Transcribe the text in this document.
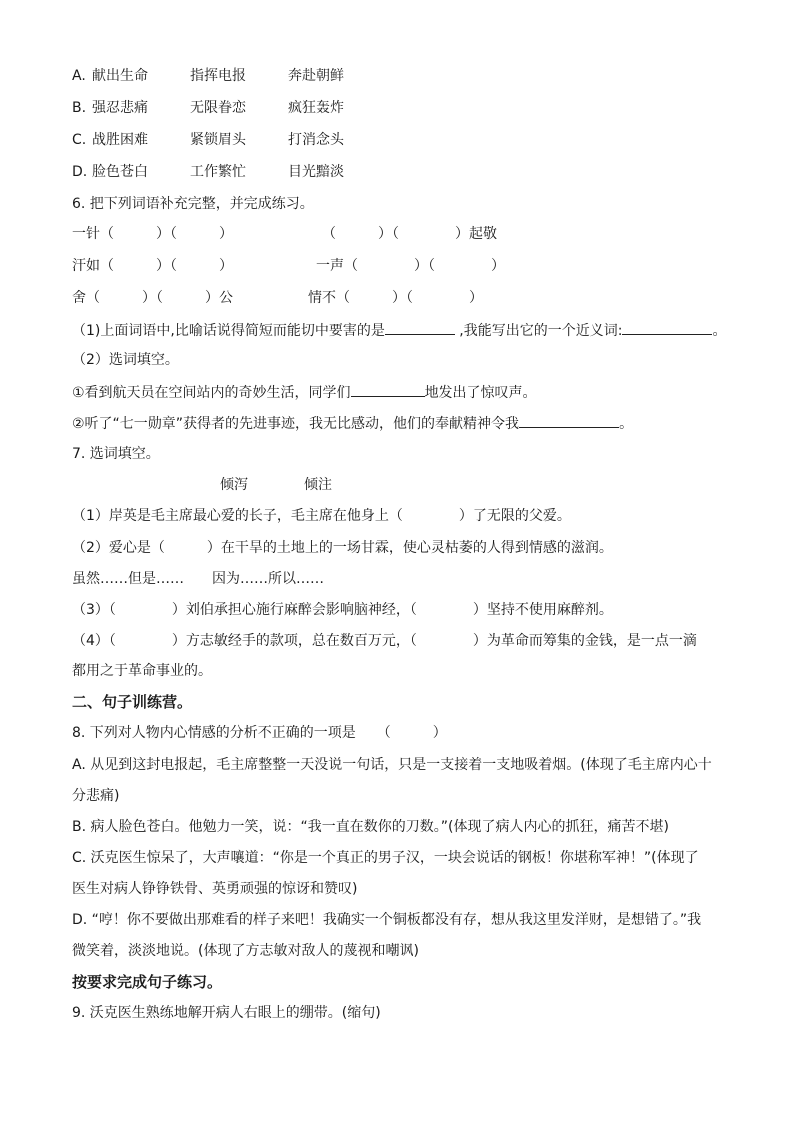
A. 献出生命	指挥电报	奔赴朝鲜
B. 强忍悲痛	无限眷恋	疯狂轰炸
C. 战胜困难	紧锁眉头	打消念头
D. 脸色苍白	工作繁忙	目光黯淡
6. 把下列词语补充完整，并完成练习。
一针（　　　）（　　　）	（　　　）（　　　　）起敬
汗如（　　　）（　　　）	一声（　　　　）（　　　　）
舍（　　　）（　　　）公	情不（　　　）（　　　　）
（1)上面词语中,比喻话说得简短而能切中要害的是	,我能写出它的一个近义词:	。
（2）选词填空。
①看到航天员在空间站内的奇妙生活，同学们	地发出了惊叹声。
②听了“七一勋章”获得者的先进事迹，我无比感动，他们的奉献精神令我	。
7. 选词填空。
倾泻	倾注
（1）岸英是毛主席最心爱的长子，毛主席在他身上（　　　　）了无限的父爱。
（2）爱心是（　　　）在干旱的土地上的一场甘霖，使心灵枯萎的人得到情感的滋润。
虽然……但是……　　因为……所以……
（3）（　　　　）刘伯承担心施行麻醉会影响脑神经，（　　　　）坚持不使用麻醉剂。
（4）（　　　　）方志敏经手的款项，总在数百万元，（　　　　）为革命而筹集的金钱，是一点一滴
都用之于革命事业的。
二、句子训练营。
8. 下列对人物内心情感的分析不正确的一项是　　（　　　）
A. 从见到这封电报起，毛主席整整一天没说一句话，只是一支接着一支地吸着烟。(体现了毛主席内心十
分悲痛)
B. 病人脸色苍白。他勉力一笑，说：“我一直在数你的刀数。”(体现了病人内心的抓狂，痛苦不堪)
C. 沃克医生惊呆了，大声嚷道：“你是一个真正的男子汉，一块会说话的钢板！你堪称军神！”(体现了
医生对病人铮铮铁骨、英勇顽强的惊讶和赞叹)
D. “哼！你不要做出那难看的样子来吧！我确实一个铜板都没有存，想从我这里发洋财，是想错了。”我
微笑着，淡淡地说。(体现了方志敏对敌人的蔑视和嘲讽)
按要求完成句子练习。
9. 沃克医生熟练地解开病人右眼上的绷带。(缩句)
